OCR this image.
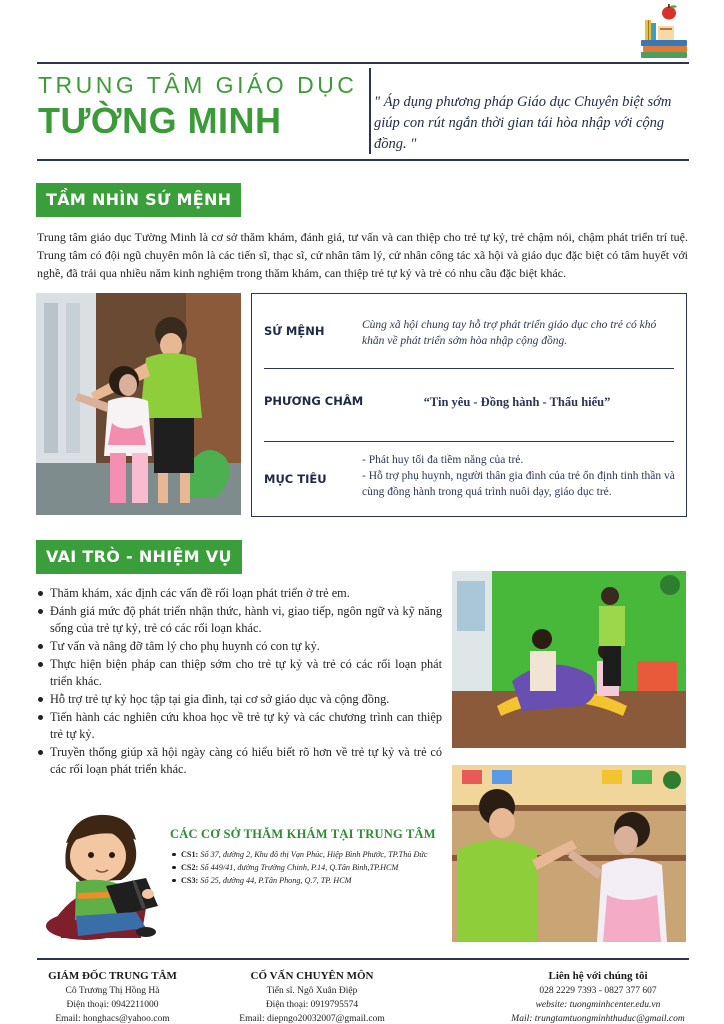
TRUNG TÂM GIÁO DỤC
TƯỜNG MINH	" Áp dụng phương pháp Giáo dục Chuyên biệt sớm giúp con rút ngắn thời gian tái hòa nhập với cộng đồng. "
TẦM NHÌN SỨ MỆNH

Trung tâm giáo dục Tường Minh là cơ sở thăm khám, đánh giá, tư vấn và can thiệp cho trẻ tự kỷ, trẻ chậm nói, chậm phát triển trí tuệ. Trung tâm có đội ngũ chuyên môn là các tiến sĩ, thạc sĩ, cử nhân tâm lý, cử nhân công tác xã hội và giáo dục đặc biệt có tâm huyết với nghề, đã trải qua nhiều năm kinh nghiệm trong thăm khám, can thiệp trẻ tự kỷ và trẻ có nhu cầu đặc biệt khác.

SỨ MỆNH	Cùng xã hội chung tay hỗ trợ phát triển giáo dục cho trẻ có khó khăn về phát triển sớm hòa nhập cộng đồng.
PHƯƠNG CHÂM	“Tin yêu - Đồng hành - Thấu hiểu”
MỤC TIÊU
- Phát huy tối đa tiềm năng của trẻ.
- Hỗ trợ phụ huynh, người thân gia đình của trẻ ổn định tinh thần và cùng đồng hành trong quá trình nuôi dạy, giáo dục trẻ.
VAI TRÒ - NHIỆM VỤ
Thăm khám, xác định các vấn đề rối loạn phát triển ở trẻ em.
Đánh giá mức độ phát triển nhận thức, hành vi, giao tiếp, ngôn ngữ và kỹ năng sống của trẻ tự kỷ, trẻ có các rối loạn khác.
Tư vấn và nâng đỡ tâm lý cho phụ huynh có con tự kỷ.
Thực hiện biện pháp can thiệp sớm cho trẻ tự kỷ và trẻ có các rối loạn phát triển khác.
Hỗ trợ trẻ tự kỷ học tập tại gia đình, tại cơ sở giáo dục và cộng đồng.
Tiến hành các nghiên cứu khoa học về trẻ tự kỷ và các chương trình can thiệp trẻ tự kỷ.
Truyền thống giúp xã hội ngày càng có hiểu biết rõ hơn về trẻ tự kỷ và trẻ có các rối loạn phát triển khác.
CÁC CƠ SỞ THĂM KHÁM TẠI TRUNG TÂM
CS1: Số 37, đường 2, Khu đô thị Vạn Phúc, Hiệp Bình Phước, TP.Thủ Đức
CS2: Số 449/41, đường Trường Chinh, P.14, Q.Tân Bình,TP.HCM
CS3: Số 25, đường 44, P.Tân Phong, Q.7, TP. HCM
GIÁM ĐỐC TRUNG TÂM
Cô Trương Thị Hồng Hà
Điện thoại: 0942211000
Email: honghacs@yahoo.com
CỐ VẤN CHUYÊN MÔN
Tiến sĩ. Ngô Xuân Điệp
Điện thoại: 0919795574
Email: diepngo20032007@gmail.com
Liên hệ với chúng tôi
028 2229 7393 - 0827 377 607
website: tuongminhcenter.edu.vn
Mail: trungtamtuongminhthuduc@gmail.com
